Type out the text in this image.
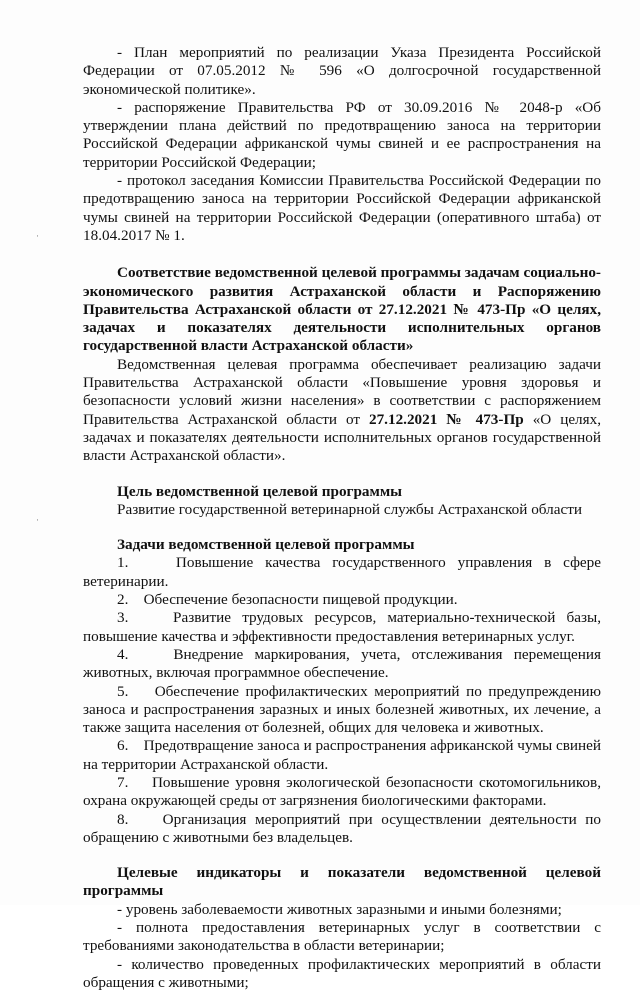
·
·

- План мероприятий по реализации Указа Президента Российской Федерации от 07.05.2012 № 596 «О долгосрочной государственной экономической политике».

- распоряжение Правительства РФ от 30.09.2016 № 2048-р «Об утверждении плана действий по предотвращению заноса на территории Российской Федерации африканской чумы свиней и ее распространения на территории Российской Федерации;

- протокол заседания Комиссии Правительства Российской Федерации по предотвращению заноса на территории Российской Федерации африканской чумы свиней на территории Российской Федерации (оперативного штаба) от 18.04.2017 № 1.

Соответствие ведомственной целевой программы задачам социально-экономического развития Астраханской области и Распоряжению Правительства Астраханской области от 27.12.2021 № 473-Пр «О целях, задачах и показателях деятельности исполнительных органов государственной власти Астраханской области»

Ведомственная целевая программа обеспечивает реализацию задачи Правительства Астраханской области «Повышение уровня здоровья и безопасности условий жизни населения» в соответствии с распоряжением Правительства Астраханской области от 27.12.2021 № 473-Пр «О целях, задачах и показателях деятельности исполнительных органов государственной власти Астраханской области».

Цель ведомственной целевой программы

Развитие государственной ветеринарной службы Астраханской области

Задачи ведомственной целевой программы

1.    Повышение качества государственного управления в сфере ветеринарии.

2.    Обеспечение безопасности пищевой продукции.

3.    Развитие трудовых ресурсов, материально-технической базы, повышение качества и эффективности предоставления ветеринарных услуг.

4.    Внедрение маркирования, учета, отслеживания перемещения животных, включая программное обеспечение.

5.    Обеспечение профилактических мероприятий по предупреждению заноса и распространения заразных и иных болезней животных, их лечение, а также защита населения от болезней, общих для человека и животных.

6.    Предотвращение заноса и распространения африканской чумы свиней на территории Астраханской области.

7.    Повышение уровня экологической безопасности скотомогильников, охрана окружающей среды от загрязнения биологическими факторами.

8.    Организация мероприятий при осуществлении деятельности по обращению с животными без владельцев.

Целевые индикаторы и показатели ведомственной целевой программы

- уровень заболеваемости животных заразными и иными болезнями;

- полнота предоставления ветеринарных услуг в соответствии с требованиями законодательства в области ветеринарии;

- количество проведенных профилактических мероприятий в области обращения с животными;
